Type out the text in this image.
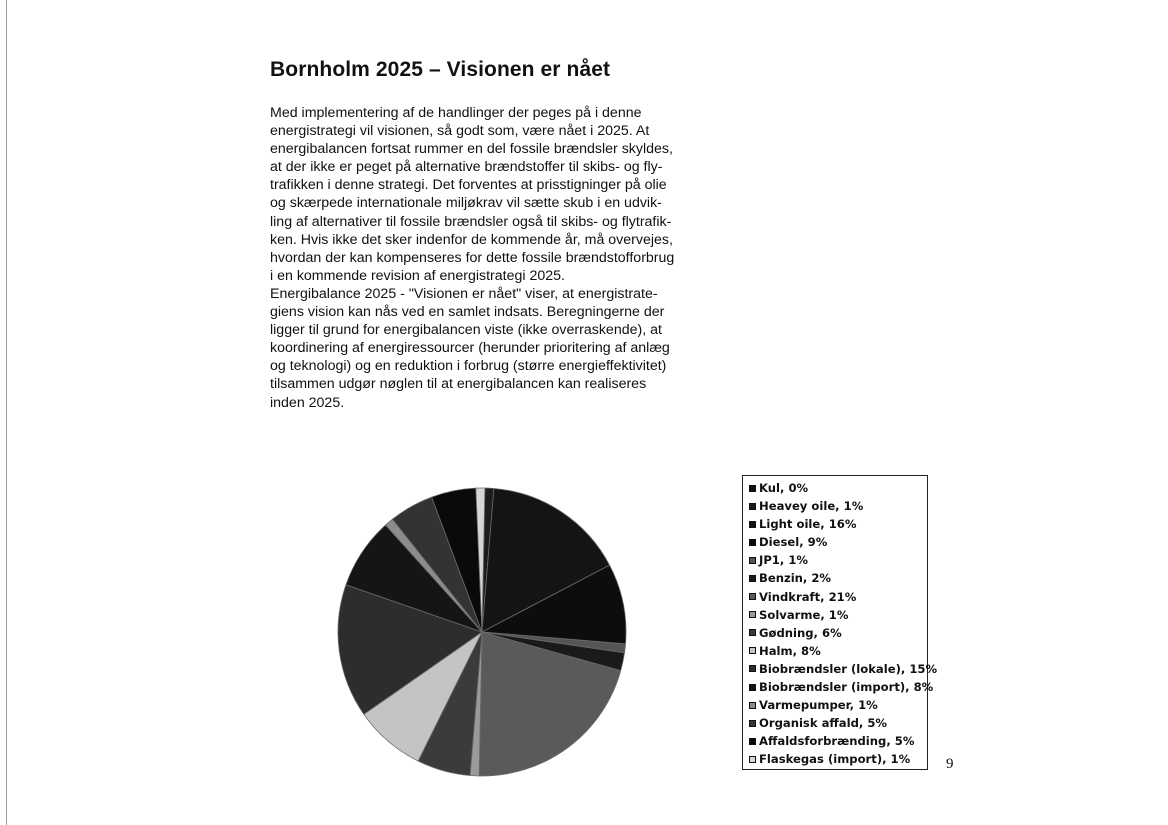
Bornholm 2025 – Visionen er nået
Med implementering af de handlinger der peges på i denne
energistrategi vil visionen, så godt som, være nået i 2025. At
energibalancen fortsat rummer en del fossile brændsler skyldes,
at der ikke er peget på alternative brændstoffer til skibs- og fly-
trafikken i denne strategi. Det forventes at prisstigninger på olie
og skærpede internationale miljøkrav vil sætte skub i en udvik-
ling af alternativer til fossile brændsler også til skibs- og flytrafik-
ken. Hvis ikke det sker indenfor de kommende år, må overvejes,
hvordan der kan kompenseres for dette fossile brændstofforbrug
i en kommende revision af energistrategi 2025.
Energibalance 2025 - "Visionen er nået" viser, at energistrate-
giens vision kan nås ved en samlet indsats. Beregningerne der
ligger til grund for energibalancen viste (ikke overraskende), at
koordinering af energiressourcer (herunder prioritering af anlæg
og teknologi) og en reduktion i forbrug (større energieffektivitet)
tilsammen udgør nøglen til at energibalancen kan realiseres
inden 2025.
Kul, 0%
Heavey oile, 1%
Light oile, 16%
Diesel, 9%
JP1, 1%
Benzin, 2%
Vindkraft, 21%
Solvarme, 1%
Gødning, 6%
Halm, 8%
Biobrændsler (lokale), 15%
Biobrændsler (import), 8%
Varmepumper, 1%
Organisk affald, 5%
Affaldsforbrænding, 5%
Flaskegas (import), 1% 9
